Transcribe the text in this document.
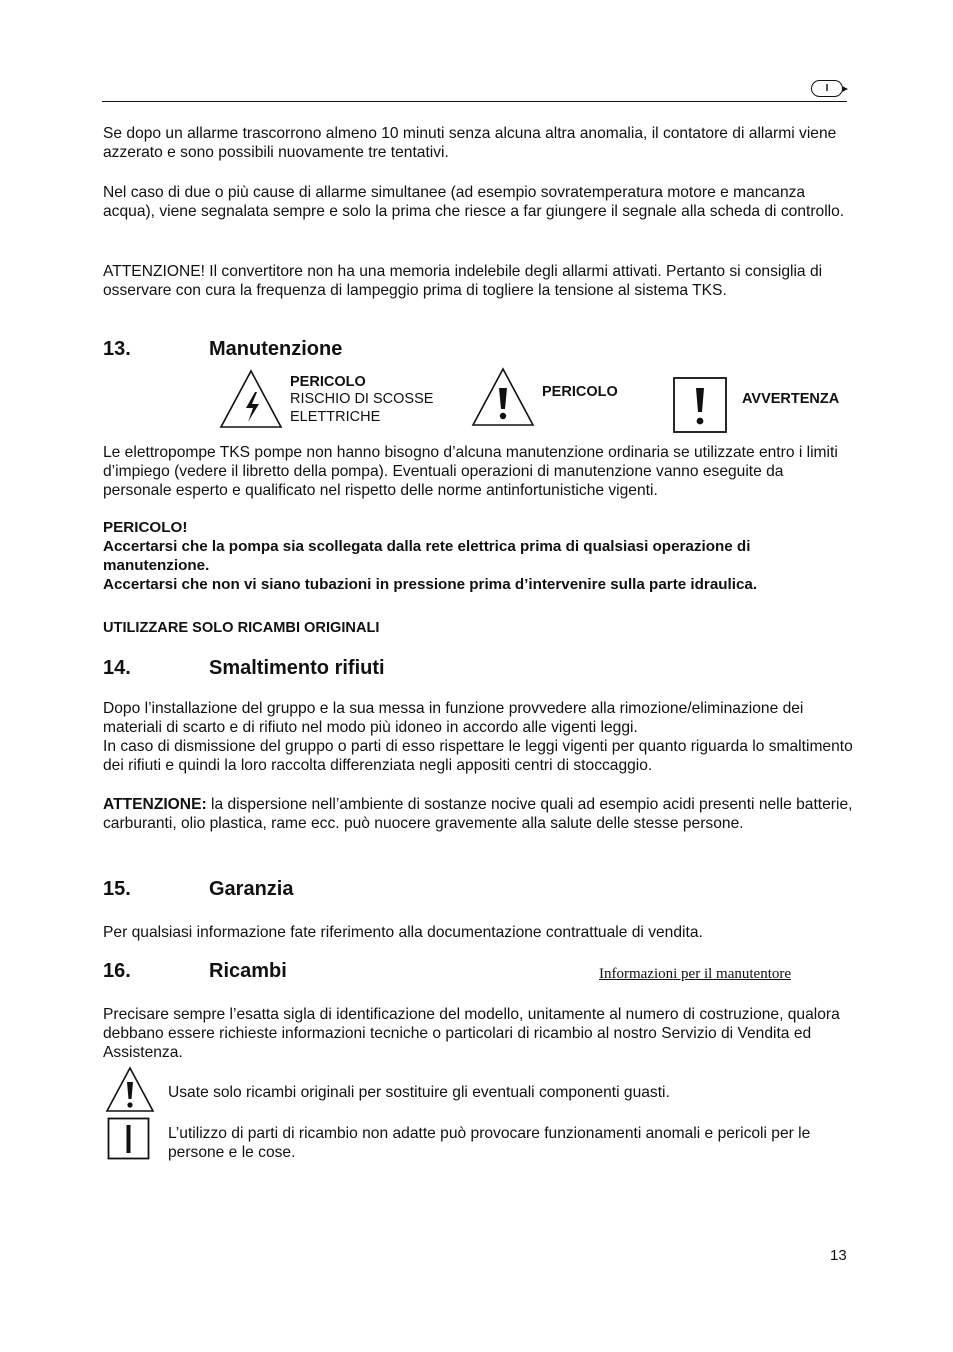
I

Se dopo un allarme trascorrono almeno 10 minuti senza alcuna altra anomalia, il contatore di allarmi viene azzerato e sono possibili nuovamente tre tentativi.

Nel caso di due o più cause di allarme simultanee (ad esempio sovratemperatura motore e mancanza acqua), viene segnalata sempre e solo la prima che riesce a far giungere il segnale alla scheda di controllo.

ATTENZIONE! Il convertitore non ha una memoria indelebile degli allarmi attivati. Pertanto si consiglia di osservare con cura la frequenza di lampeggio prima di togliere la tensione al sistema TKS.

13.	Manutenzione
PERICOLO
RISCHIO DI SCOSSE
ELETTRICHE
PERICOLO	AVVERTENZA

Le elettropompe TKS pompe non hanno bisogno d’alcuna manutenzione ordinaria se utilizzate entro i limiti d’impiego (vedere il libretto della pompa). Eventuali operazioni di manutenzione vanno eseguite da personale esperto e qualificato nel rispetto delle norme antinfortunistiche vigenti.

PERICOLO!

Accertarsi che la pompa sia scollegata dalla rete elettrica prima di qualsiasi operazione di manutenzione.

Accertarsi che non vi siano tubazioni in pressione prima d’intervenire sulla parte idraulica.

UTILIZZARE SOLO RICAMBI ORIGINALI

14.	Smaltimento rifiuti

Dopo l’installazione del gruppo e la sua messa in funzione provvedere alla rimozione/eliminazione dei materiali di scarto e di rifiuto nel modo più idoneo in accordo alle vigenti leggi.

In caso di dismissione del gruppo o parti di esso rispettare le leggi vigenti per quanto riguarda lo smaltimento dei rifiuti e quindi la loro raccolta differenziata negli appositi centri di stoccaggio.

ATTENZIONE: la dispersione nell’ambiente di sostanze nocive quali ad esempio acidi presenti nelle batterie, carburanti, olio plastica, rame ecc. può nuocere gravemente alla salute delle stesse persone.

15.	Garanzia

Per qualsiasi informazione fate riferimento alla documentazione contrattuale di vendita.

16.	Ricambi	Informazioni per il manutentore

Precisare sempre l’esatta sigla di identificazione del modello, unitamente al numero di costruzione, qualora debbano essere richieste informazioni tecniche o particolari di ricambio al nostro Servizio di Vendita ed Assistenza.

Usate solo ricambi originali per sostituire gli eventuali componenti guasti.
L’utilizzo di parti di ricambio non adatte può provocare funzionamenti anomali e pericoli per le persone e le cose.
13
